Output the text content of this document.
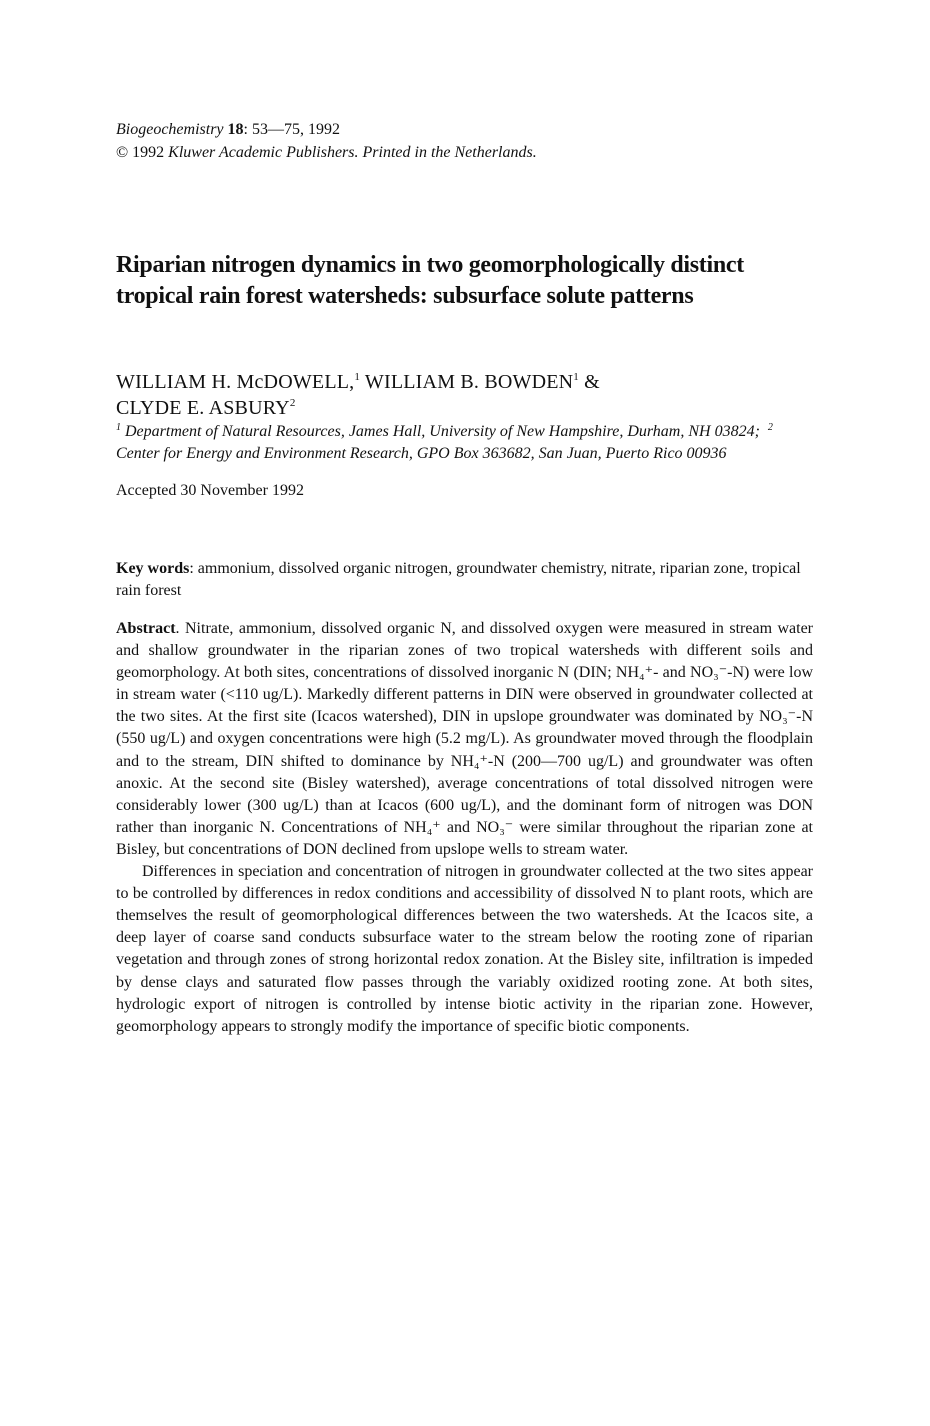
Biogeochemistry 18: 53—75, 1992
© 1992 Kluwer Academic Publishers. Printed in the Netherlands.
Riparian nitrogen dynamics in two geomorphologically distinct tropical rain forest watersheds: subsurface solute patterns
WILLIAM H. McDOWELL,$^1$ WILLIAM B. BOWDEN$^1$ &
CLYDE E. ASBURY$^2$
$^1$ Department of Natural Resources, James Hall, University of New Hampshire, Durham, NH 03824; $^2$ Center for Energy and Environment Research, GPO Box 363682, San Juan, Puerto Rico 00936
Accepted 30 November 1992
Key words: ammonium, dissolved organic nitrogen, groundwater chemistry, nitrate, riparian zone, tropical rain forest

Abstract. Nitrate, ammonium, dissolved organic N, and dissolved oxygen were measured in stream water and shallow groundwater in the riparian zones of two tropical watersheds with different soils and geomorphology. At both sites, concentrations of dissolved inorganic N (DIN; NH₄⁺- and NO₃⁻-N) were low in stream water (<110 ug/L). Markedly different patterns in DIN were observed in groundwater collected at the two sites. At the first site (Icacos watershed), DIN in upslope groundwater was dominated by NO₃⁻-N (550 ug/L) and oxygen concentrations were high (5.2 mg/L). As groundwater moved through the floodplain and to the stream, DIN shifted to dominance by NH₄⁺-N (200—700 ug/L) and groundwater was often anoxic. At the second site (Bisley watershed), average concentrations of total dissolved nitrogen were considerably lower (300 ug/L) than at Icacos (600 ug/L), and the dominant form of nitrogen was DON rather than inorganic N. Concentrations of NH₄⁺ and NO₃⁻ were similar throughout the riparian zone at Bisley, but concentrations of DON declined from upslope wells to stream water.

Differences in speciation and concentration of nitrogen in groundwater collected at the two sites appear to be controlled by differences in redox conditions and accessibility of dissolved N to plant roots, which are themselves the result of geomorphological differences between the two watersheds. At the Icacos site, a deep layer of coarse sand conducts subsurface water to the stream below the rooting zone of riparian vegetation and through zones of strong horizontal redox zonation. At the Bisley site, infiltration is impeded by dense clays and saturated flow passes through the variably oxidized rooting zone. At both sites, hydrologic export of nitrogen is controlled by intense biotic activity in the riparian zone. However, geomorphology appears to strongly modify the importance of specific biotic components.
